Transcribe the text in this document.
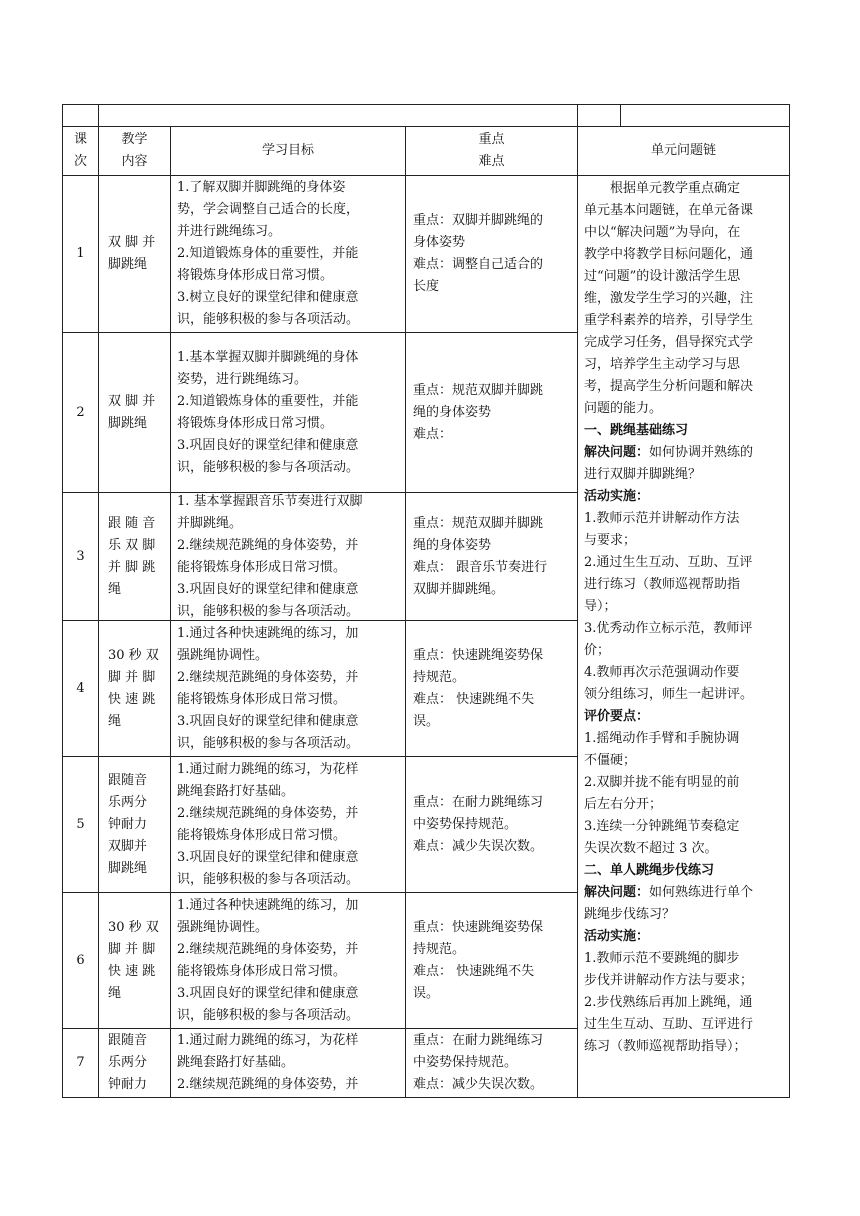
课
次
教学
内容
学习目标
重点
难点
单元问题链
1
双 脚 并
脚跳绳
1.了解双脚并脚跳绳的身体姿
势，学会调整自己适合的长度，
并进行跳绳练习。
2.知道锻炼身体的重要性，并能
将锻炼身体形成日常习惯。
3.树立良好的课堂纪律和健康意
识，能够积极的参与各项活动。
重点：双脚并脚跳绳的
身体姿势
难点：调整自己适合的
长度
2
双 脚 并
脚跳绳
1.基本掌握双脚并脚跳绳的身体
姿势，进行跳绳练习。
2.知道锻炼身体的重要性，并能
将锻炼身体形成日常习惯。
3.巩固良好的课堂纪律和健康意
识，能够积极的参与各项活动。
重点：规范双脚并脚跳
绳的身体姿势
难点：
3
跟 随 音
乐 双 脚
并 脚 跳
绳
1. 基本掌握跟音乐节奏进行双脚
并脚跳绳。
2.继续规范跳绳的身体姿势，并
能将锻炼身体形成日常习惯。
3.巩固良好的课堂纪律和健康意
识，能够积极的参与各项活动。
重点：规范双脚并脚跳
绳的身体姿势
难点： 跟音乐节奏进行
双脚并脚跳绳。
4
30 秒 双
脚 并 脚
快 速 跳
绳
1.通过各种快速跳绳的练习，加
强跳绳协调性。
2.继续规范跳绳的身体姿势，并
能将锻炼身体形成日常习惯。
3.巩固良好的课堂纪律和健康意
识，能够积极的参与各项活动。
重点：快速跳绳姿势保
持规范。
难点： 快速跳绳不失
误。
5
跟随音
乐两分
钟耐力
双脚并
脚跳绳
1.通过耐力跳绳的练习，为花样
跳绳套路打好基础。
2.继续规范跳绳的身体姿势，并
能将锻炼身体形成日常习惯。
3.巩固良好的课堂纪律和健康意
识，能够积极的参与各项活动。
重点：在耐力跳绳练习
中姿势保持规范。
难点：减少失误次数。
6
30 秒 双
脚 并 脚
快 速 跳
绳
1.通过各种快速跳绳的练习，加
强跳绳协调性。
2.继续规范跳绳的身体姿势，并
能将锻炼身体形成日常习惯。
3.巩固良好的课堂纪律和健康意
识，能够积极的参与各项活动。
重点：快速跳绳姿势保
持规范。
难点： 快速跳绳不失
误。
7
跟随音
乐两分
钟耐力
1.通过耐力跳绳的练习，为花样
跳绳套路打好基础。
2.继续规范跳绳的身体姿势，并
重点：在耐力跳绳练习
中姿势保持规范。
难点：减少失误次数。

根据单元教学重点确定
单元基本问题链，在单元备课
中以“解决问题”为导向，在
教学中将教学目标问题化，通
过“问题”的设计激活学生思
维，激发学生学习的兴趣，注
重学科素养的培养，引导学生
完成学习任务，倡导探究式学
习，培养学生主动学习与思
考，提高学生分析问题和解决
问题的能力。

一、跳绳基础练习

解决问题：如何协调并熟练的
进行双脚并脚跳绳？

活动实施：

1.教师示范并讲解动作方法
与要求；
2.通过生生互动、互助、互评
进行练习（教师巡视帮助指
导）；
3.优秀动作立标示范，教师评
价；
4.教师再次示范强调动作要
领分组练习，师生一起讲评。

评价要点：

1.摇绳动作手臂和手腕协调
不僵硬；
2.双脚并拢不能有明显的前
后左右分开；
3.连续一分钟跳绳节奏稳定
失误次数不超过 3 次。

二、单人跳绳步伐练习

解决问题：如何熟练进行单个
跳绳步伐练习？

活动实施：

1.教师示范不要跳绳的脚步
步伐并讲解动作方法与要求；
2.步伐熟练后再加上跳绳，通
过生生互动、互助、互评进行
练习（教师巡视帮助指导）；
